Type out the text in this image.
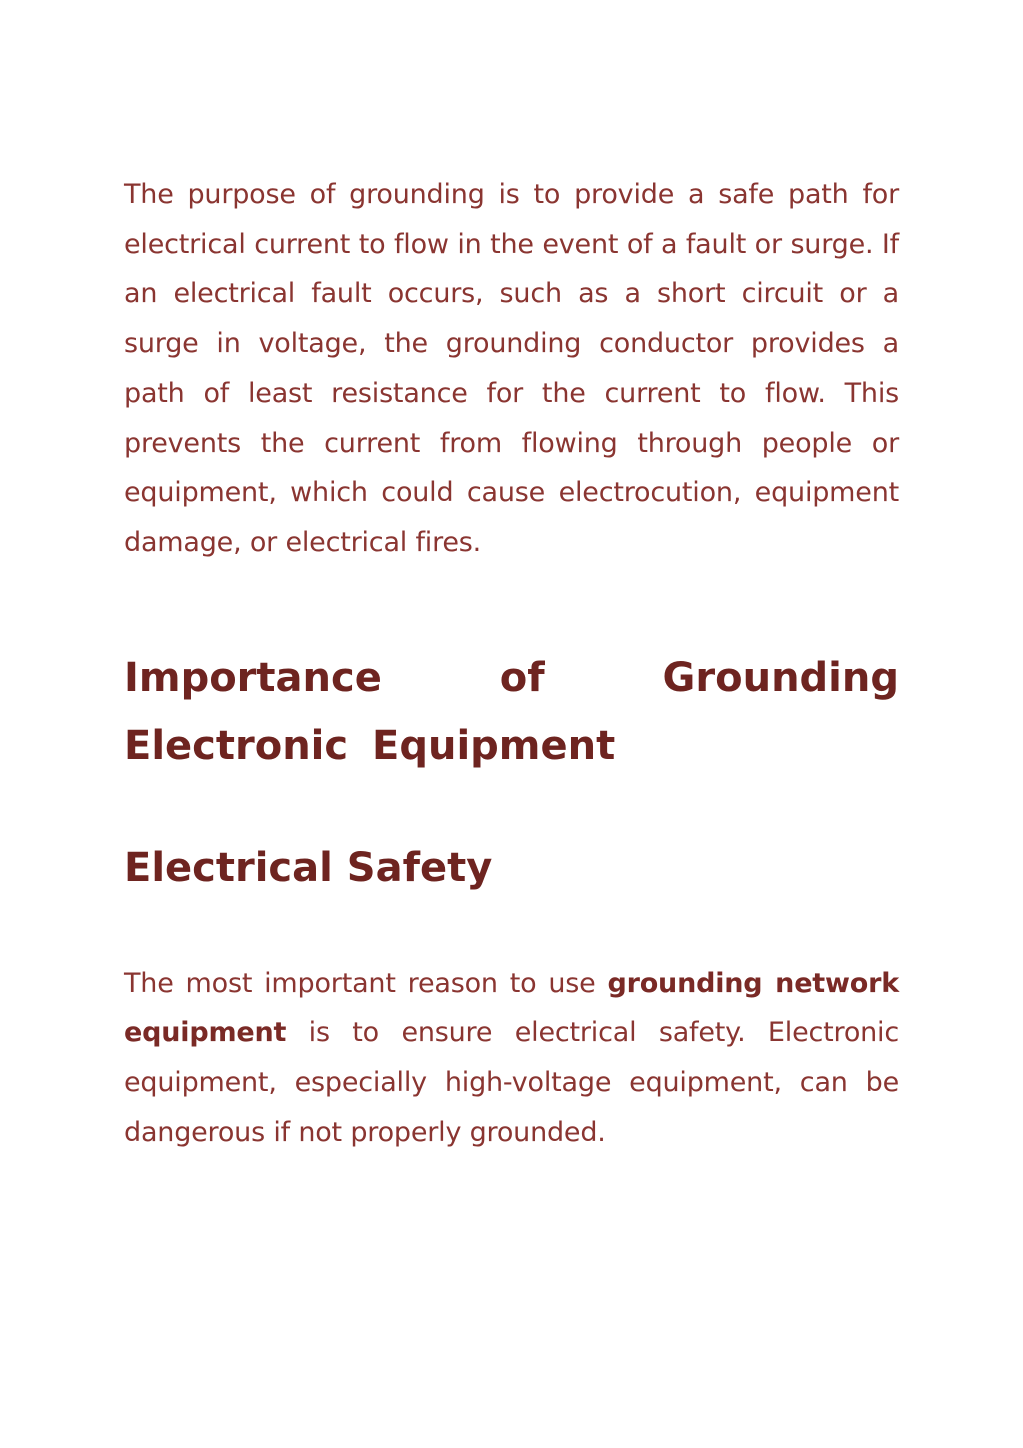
The purpose of grounding is to provide a safe path for electrical current to flow in the event of a fault or surge. If an electrical fault occurs, such as a short circuit or a surge in voltage, the grounding conductor provides a path of least resistance for the current to flow. This prevents the current from flowing through people or equipment, which could cause electrocution, equipment damage, or electrical fires.

Importance of Grounding Electronic Equipment
Electrical Safety

The most important reason to use grounding network equipment is to ensure electrical safety. Electronic equipment, especially high-voltage equipment, can be dangerous if not properly grounded.
